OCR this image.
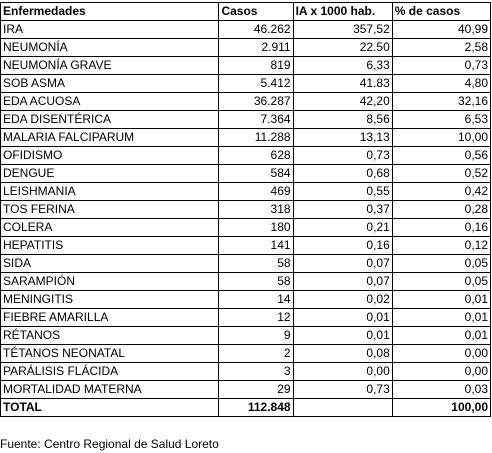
Enfermedades	Casos	IA x 1000 hab.	% de casos
IRA	46.262	357,52	40,99
NEUMONÍA	2.911	22.50	2,58
NEUMONÍA GRAVE	819	6,33	0,73
SOB ASMA	5.412	41.83	4,80
EDA ACUOSA	36.287	42,20	32,16
EDA DISENTÉRICA	7.364	8,56	6,53
MALARIA FALCIPARUM	11.288	13,13	10,00
OFIDISMO	628	0,73	0,56
DENGUE	584	0,68	0,52
LEISHMANIA	469	0,55	0,42
TOS FERINA	318	0,37	0,28
COLERA	180	0,21	0,16
HEPATITIS	141	0,16	0,12
SIDA	58	0,07	0,05
SARAMPIÓN	58	0,07	0,05
MENINGITIS	14	0,02	0,01
FIEBRE AMARILLA	12	0,01	0,01
RÉTANOS	9	0,01	0,01
TÉTANOS NEONATAL	2	0,08	0,00
PARÁLISIS FLÁCIDA	3	0,00	0,00
MORTALIDAD MATERNA	29	0,73	0,03
TOTAL	112.848		100,00
Fuente: Centro Regional de Salud Loreto
